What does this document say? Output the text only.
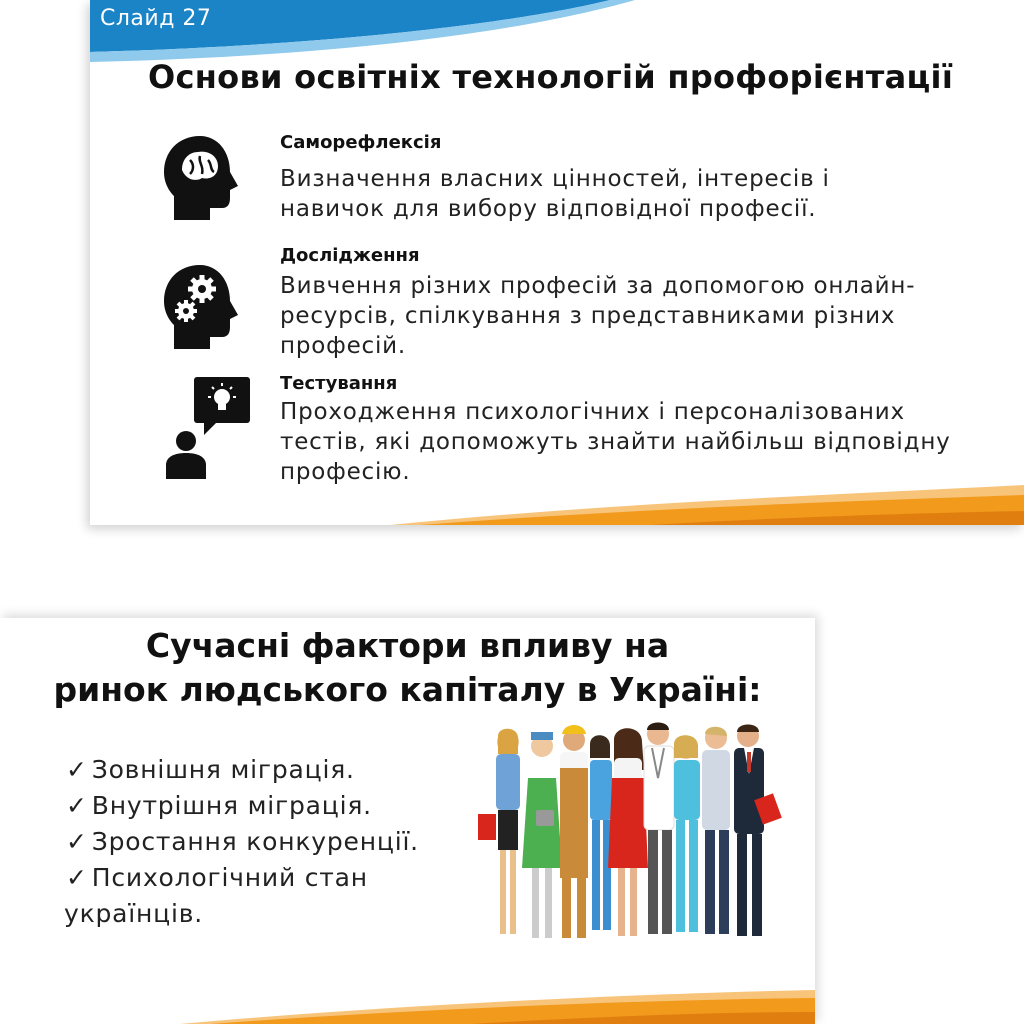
Слайд 27
Основи освітніх технологій профорієнтації
Саморефлексія
Визначення власних цінностей, інтересів і
навичок для вибору відповідної професії.
Дослідження
Вивчення різних професій за допомогою онлайн-
ресурсів, спілкування з представниками різних
професій.
Тестування
Проходження психологічних і персоналізованих
тестів, які допоможуть знайти найбільш відповідну
професію.
Сучасні фактори впливу на
ринок людського капіталу в Україні:
✓ Зовнішня міграція.
✓ Внутрішня міграція.
✓ Зростання конкуренції.
✓ Психологічний стан
українців.
